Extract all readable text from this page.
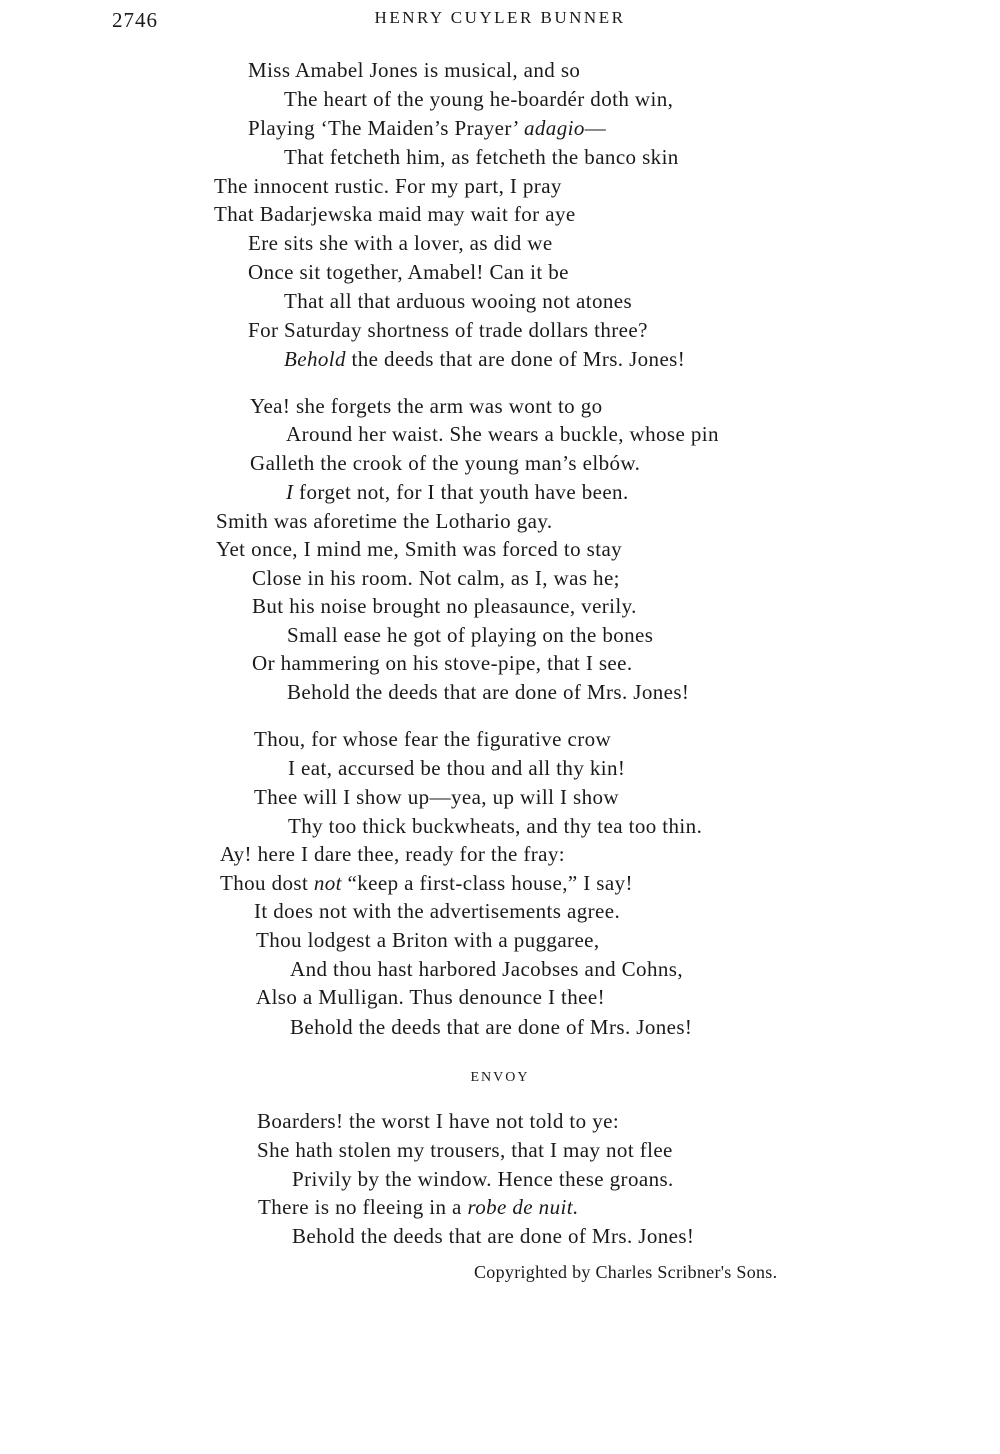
2746	HENRY CUYLER BUNNER
Miss Amabel Jones is musical, and so
The heart of the young he-boardér doth win,
Playing ‘The Maiden’s Prayer’ adagio—
That fetcheth him, as fetcheth the banco skin
The innocent rustic. For my part, I pray
That Badarjewska maid may wait for aye
Ere sits she with a lover, as did we
Once sit together, Amabel! Can it be
That all that arduous wooing not atones
For Saturday shortness of trade dollars three?
Behold the deeds that are done of Mrs. Jones!
Yea! she forgets the arm was wont to go
Around her waist. She wears a buckle, whose pin
Galleth the crook of the young man’s elbów.
I forget not, for I that youth have been.
Smith was aforetime the Lothario gay.
Yet once, I mind me, Smith was forced to stay
Close in his room. Not calm, as I, was he;
But his noise brought no pleasaunce, verily.
Small ease he got of playing on the bones
Or hammering on his stove-pipe, that I see.
Behold the deeds that are done of Mrs. Jones!
Thou, for whose fear the figurative crow
I eat, accursed be thou and all thy kin!
Thee will I show up—yea, up will I show
Thy too thick buckwheats, and thy tea too thin.
Ay! here I dare thee, ready for the fray:
Thou dost not “keep a first-class house,” I say!
It does not with the advertisements agree.
Thou lodgest a Briton with a puggaree,
And thou hast harbored Jacobses and Cohns,
Also a Mulligan. Thus denounce I thee!
Behold the deeds that are done of Mrs. Jones!
ENVOY
Boarders! the worst I have not told to ye:
She hath stolen my trousers, that I may not flee
Privily by the window. Hence these groans.
There is no fleeing in a robe de nuit.
Behold the deeds that are done of Mrs. Jones!
Copyrighted by Charles Scribner's Sons.
